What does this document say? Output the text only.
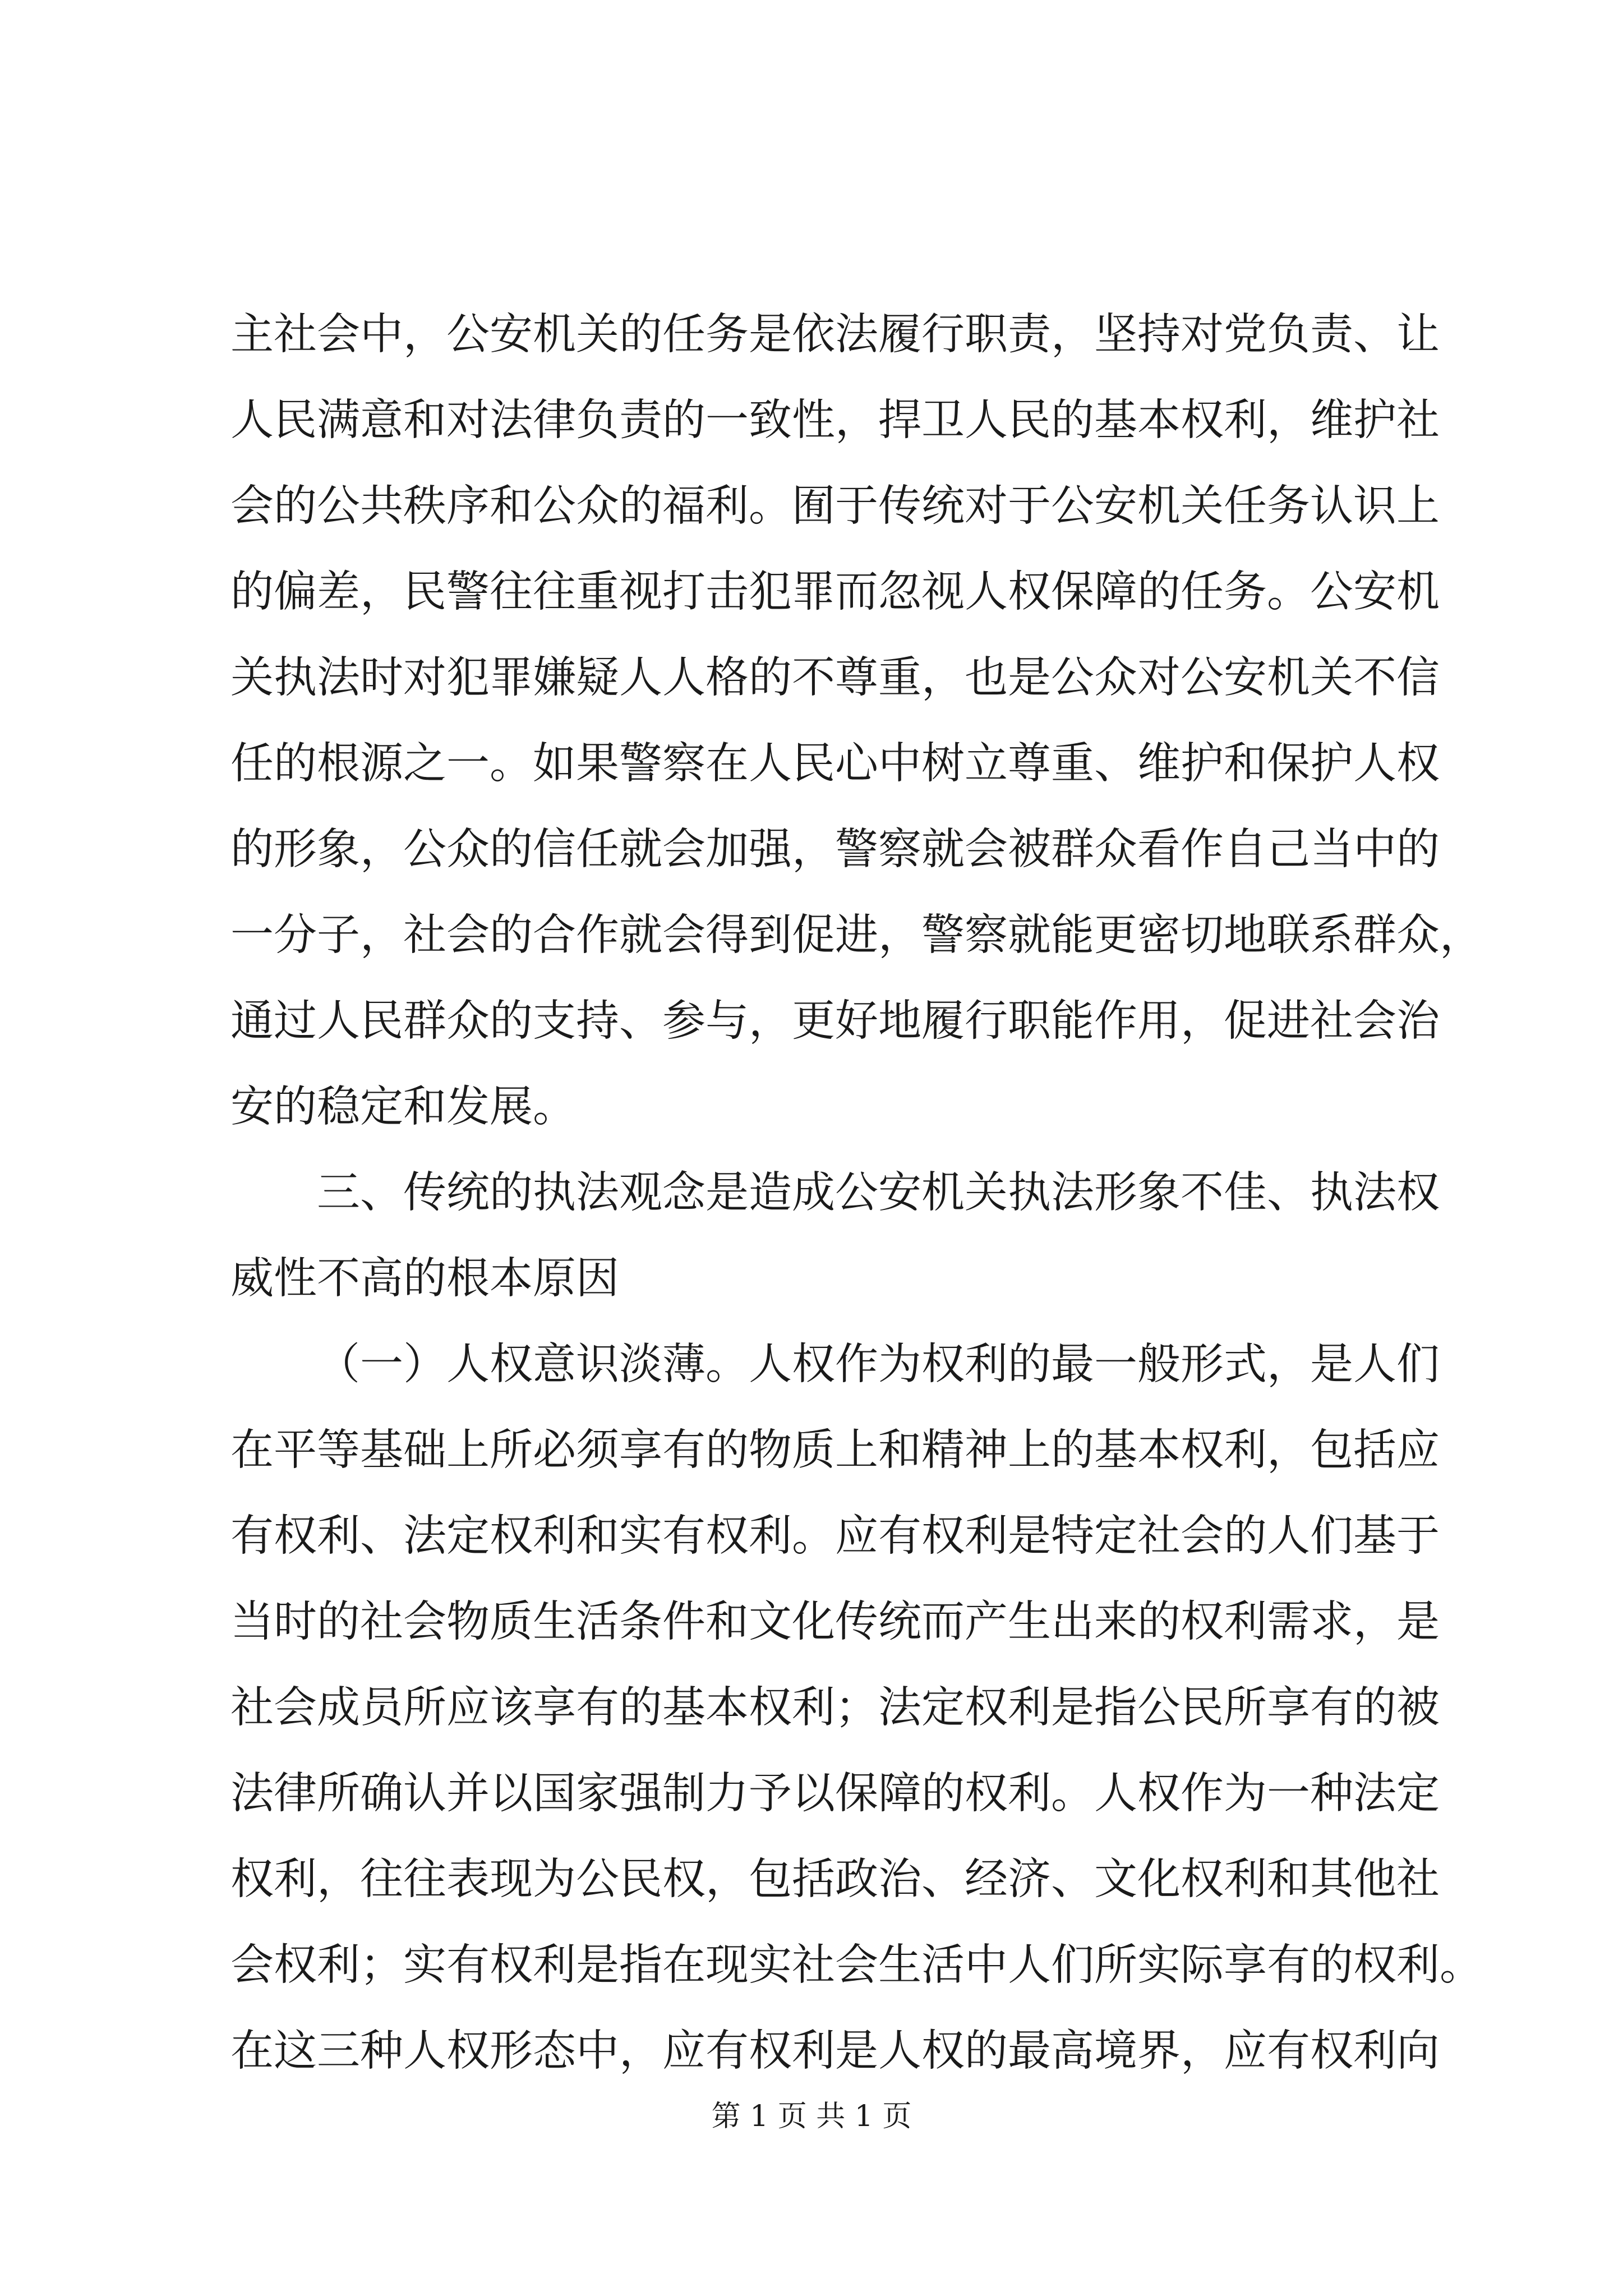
主社会中，公安机关的任务是依法履行职责，坚持对党负责、让
人民满意和对法律负责的一致性，捍卫人民的基本权利，维护社
会的公共秩序和公众的福利。囿于传统对于公安机关任务认识上
的偏差，民警往往重视打击犯罪而忽视人权保障的任务。公安机
关执法时对犯罪嫌疑人人格的不尊重，也是公众对公安机关不信
任的根源之一。如果警察在人民心中树立尊重、维护和保护人权
的形象，公众的信任就会加强，警察就会被群众看作自己当中的
一分子，社会的合作就会得到促进，警察就能更密切地联系群众，
通过人民群众的支持、参与，更好地履行职能作用，促进社会治
安的稳定和发展。
三、传统的执法观念是造成公安机关执法形象不佳、执法权
威性不高的根本原因
（一）人权意识淡薄。人权作为权利的最一般形式，是人们
在平等基础上所必须享有的物质上和精神上的基本权利，包括应
有权利、法定权利和实有权利。应有权利是特定社会的人们基于
当时的社会物质生活条件和文化传统而产生出来的权利需求，是
社会成员所应该享有的基本权利；法定权利是指公民所享有的被
法律所确认并以国家强制力予以保障的权利。人权作为一种法定
权利，往往表现为公民权，包括政治、经济、文化权利和其他社
会权利；实有权利是指在现实社会生活中人们所实际享有的权利。
在这三种人权形态中，应有权利是人权的最高境界，应有权利向
第 1 页 共 1 页
